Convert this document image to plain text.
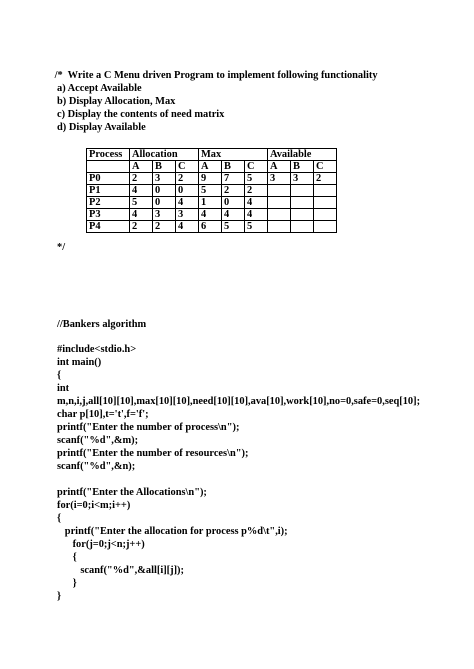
/*  Write a C Menu driven Program to implement following functionality
a) Accept Available
b) Display Allocation, Max
c) Display the contents of need matrix
d) Display Available
Process	Allocation			Max			Available		
	A	B	C	A	B	C	A	B	C
P0	2	3	2	9	7	5	3	3	2
P1	4	0	0	5	2	2			
P2	5	0	4	1	0	4			
P3	4	3	3	4	4	4			
P4	2	2	4	6	5	5			
*/
//Bankers algorithm
#include<stdio.h>
int main()
{
int
m,n,i,j,all[10][10],max[10][10],need[10][10],ava[10],work[10],no=0,safe=0,seq[10];
char p[10],t='t',f='f';
printf("Enter the number of process\n");
scanf("%d",&m);
printf("Enter the number of resources\n");
scanf("%d",&n);
printf("Enter the Allocations\n");
for(i=0;i<m;i++)
{
printf("Enter the allocation for process p%d\t",i);
for(j=0;j<n;j++)
{
scanf("%d",&all[i][j]);
}
}
